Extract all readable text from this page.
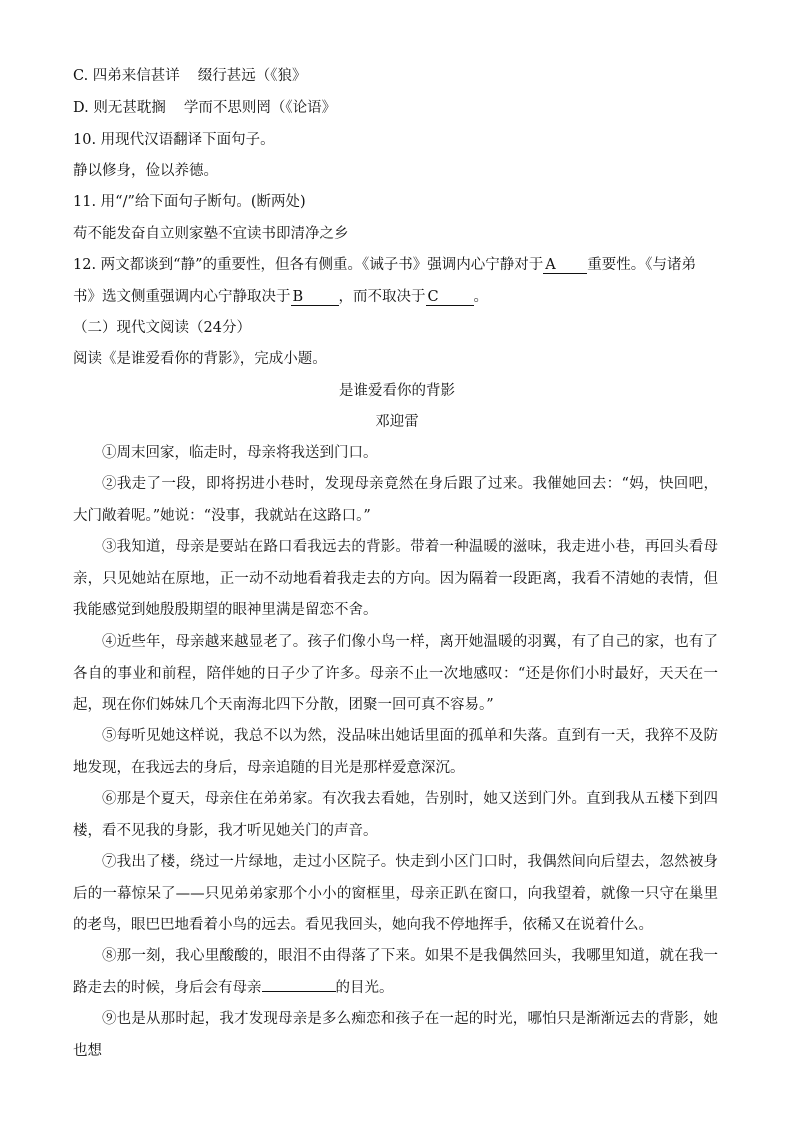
C. 四弟来信甚详 缀行甚远（《狼》
D. 则无甚耽搁 学而不思则罔（《论语》
10. 用现代汉语翻译下面句子。
静以修身，俭以养德。
11. 用“/”给下面句子断句。(断两处)
苟不能发奋自立则家塾不宜读书即清净之乡
12. 两文都谈到“静”的重要性，但各有侧重。《诫子书》强调内心宁静对于 A 重要性。《与诸弟
书》选文侧重强调内心宁静取决于 B ，而不取决于 C 。
（二）现代文阅读（24分）
阅读《是谁爱看你的背影》，完成小题。
是谁爱看你的背影
邓迎雷
①周末回家，临走时，母亲将我送到门口。
②我走了一段，即将拐进小巷时，发现母亲竟然在身后跟了过来。我催她回去：“妈，快回吧，大门敞着呢。”她说：“没事，我就站在这路口。”
③我知道，母亲是要站在路口看我远去的背影。带着一种温暖的滋味，我走进小巷，再回头看母亲，只见她站在原地，正一动不动地看着我走去的方向。因为隔着一段距离，我看不清她的表情，但我能感觉到她殷殷期望的眼神里满是留恋不舍。
④近些年，母亲越来越显老了。孩子们像小鸟一样，离开她温暖的羽翼，有了自己的家，也有了各自的事业和前程，陪伴她的日子少了许多。母亲不止一次地感叹：“还是你们小时最好，天天在一起，现在你们姊妹几个天南海北四下分散，团聚一回可真不容易。”
⑤每听见她这样说，我总不以为然，没品味出她话里面的孤单和失落。直到有一天，我猝不及防地发现，在我远去的身后，母亲追随的目光是那样爱意深沉。
⑥那是个夏天，母亲住在弟弟家。有次我去看她，告别时，她又送到门外。直到我从五楼下到四楼，看不见我的身影，我才听见她关门的声音。
⑦我出了楼，绕过一片绿地，走过小区院子。快走到小区门口时，我偶然间向后望去，忽然被身后的一幕惊呆了——只见弟弟家那个小小的窗框里，母亲正趴在窗口，向我望着，就像一只守在巢里的老鸟，眼巴巴地看着小鸟的远去。看见我回头，她向我不停地挥手，依稀又在说着什么。
⑧那一刻，我心里酸酸的，眼泪不由得落了下来。如果不是我偶然回头，我哪里知道，就在我一路走去的时候，身后会有母亲	的目光。
⑨也是从那时起，我才发现母亲是多么痴恋和孩子在一起的时光，哪怕只是渐渐远去的背影，她也想
